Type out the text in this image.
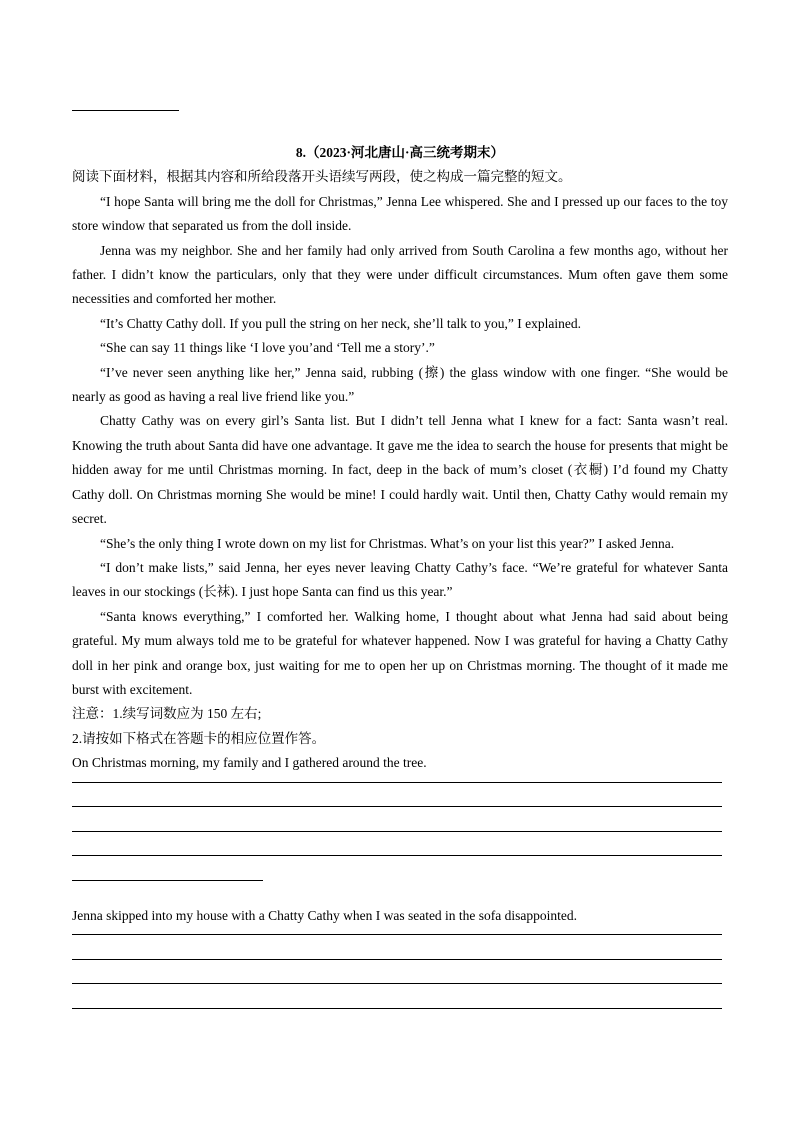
8.（2023·河北唐山·高三统考期末）

阅读下面材料，根据其内容和所给段落开头语续写两段，使之构成一篇完整的短文。

“I hope Santa will bring me the doll for Christmas,” Jenna Lee whispered. She and I pressed up our faces to the toy store window that separated us from the doll inside.

Jenna was my neighbor. She and her family had only arrived from South Carolina a few months ago, without her father. I didn’t know the particulars, only that they were under difficult circumstances. Mum often gave them some necessities and comforted her mother.

“It’s Chatty Cathy doll. If you pull the string on her neck, she’ll talk to you,” I explained.

“She can say 11 things like ‘I love you’and ‘Tell me a story’.”

“I’ve never seen anything like her,” Jenna said, rubbing (擦) the glass window with one finger. “She would be nearly as good as having a real live friend like you.”

Chatty Cathy was on every girl’s Santa list. But I didn’t tell Jenna what I knew for a fact: Santa wasn’t real. Knowing the truth about Santa did have one advantage. It gave me the idea to search the house for presents that might be hidden away for me until Christmas morning. In fact, deep in the back of mum’s closet (衣橱) I’d found my Chatty Cathy doll. On Christmas morning She would be mine! I could hardly wait. Until then, Chatty Cathy would remain my secret.

“She’s the only thing I wrote down on my list for Christmas. What’s on your list this year?” I asked Jenna.

“I don’t make lists,” said Jenna, her eyes never leaving Chatty Cathy’s face. “We’re grateful for whatever Santa leaves in our stockings (长袜). I just hope Santa can find us this year.”

“Santa knows everything,” I comforted her. Walking home, I thought about what Jenna had said about being grateful. My mum always told me to be grateful for whatever happened. Now I was grateful for having a Chatty Cathy doll in her pink and orange box, just waiting for me to open her up on Christmas morning. The thought of it made me burst with excitement.

注意：1.续写词数应为 150 左右;

2.请按如下格式在答题卡的相应位置作答。

On Christmas morning, my family and I gathered around the tree.

Jenna skipped into my house with a Chatty Cathy when I was seated in the sofa disappointed.
